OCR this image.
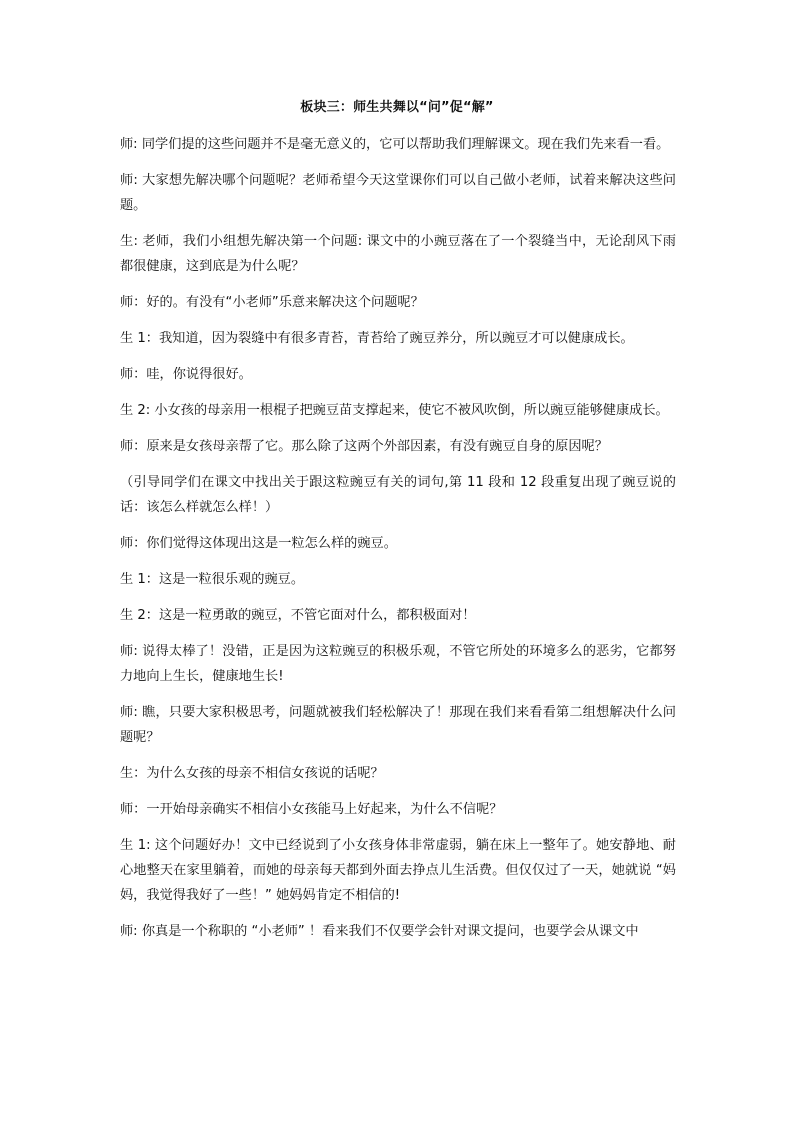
板块三：师生共舞以“问”促“解”

师: 同学们提的这些问题并不是毫无意义的，它可以帮助我们理解课文。现在我们先来看一看。

师: 大家想先解决哪个问题呢？老师希望今天这堂课你们可以自己做小老师，试着来解决这些问题。

生: 老师，我们小组想先解决第一个问题: 课文中的小豌豆落在了一个裂缝当中，无论刮风下雨都很健康，这到底是为什么呢？

师：好的。有没有“小老师”乐意来解决这个问题呢？

生 1：我知道，因为裂缝中有很多青苔，青苔给了豌豆养分，所以豌豆才可以健康成长。

师：哇，你说得很好。

生 2: 小女孩的母亲用一根棍子把豌豆苗支撑起来，使它不被风吹倒，所以豌豆能够健康成长。

师：原来是女孩母亲帮了它。那么除了这两个外部因素，有没有豌豆自身的原因呢？

（引导同学们在课文中找出关于跟这粒豌豆有关的词句,第 11 段和 12 段重复出现了豌豆说的话：该怎么样就怎么样！）

师：你们觉得这体现出这是一粒怎么样的豌豆。

生 1：这是一粒很乐观的豌豆。

生 2：这是一粒勇敢的豌豆，不管它面对什么，都积极面对！

师: 说得太棒了！没错，正是因为这粒豌豆的积极乐观，不管它所处的环境多么的恶劣，它都努力地向上生长，健康地生长!

师: 瞧，只要大家积极思考，问题就被我们轻松解决了！那现在我们来看看第二组想解决什么问题呢？

生：为什么女孩的母亲不相信女孩说的话呢？

师：一开始母亲确实不相信小女孩能马上好起来，为什么不信呢？

生 1: 这个问题好办！文中已经说到了小女孩身体非常虚弱，躺在床上一整年了。她安静地、耐心地整天在家里躺着，而她的母亲每天都到外面去挣点儿生活费。但仅仅过了一天，她就说 “妈妈，我觉得我好了一些！” 她妈妈肯定不相信的!

师: 你真是一个称职的 “小老师” ！看来我们不仅要学会针对课文提问，也要学会从课文中
